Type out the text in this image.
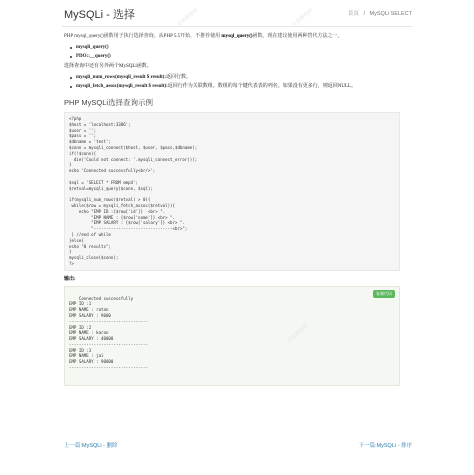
MySQLi - 选择	首页 / MySQLi SELECT
PHP mysql_query()函数用于执行选择查询。从PHP 5.5开始，不推荐使用 mysql_query()函数。现在建议使用两种替代方法之一。
mysqli_query()
PDO::__query()
选择查询中还有另外两个MySQLi函数。
mysqli_num_rows(mysqli_result $ result):返回行数。
mysqli_fetch_assoc(mysqli_result $ result):返回行作为关联数组。数组的每个键代表表的列名。如果没有更多行，则返回NULL。
PHP MySQLi选择查询示例
<?php
$host = 'localhost:3306';
$user = '';
$pass = '';
$dbname = 'test';
$conn = mysqli_connect($host, $user, $pass,$dbname);
if(!$conn){
die('Could not connect: '.mysqli_connect_error());
}
echo 'Connected successfully<br/>';

$sql = 'SELECT * FROM emp4';
$retval=mysqli_query($conn, $sql);

if(mysqli_num_rows($retval) > 0){
while($row = mysqli_fetch_assoc($retval)){
echo "EMP ID :{$row['id']}  <br> ".
"EMP NAME : {$row['name']} <br> ".
"EMP SALARY : {$row['salary']} <br> ".
"--------------------------------<br>";
} //end of while
}else{
echo "0 results";
}
mysqli_close($conn);
?>
输出:

Connected successfully
EMP ID :1
EMP NAME : ratan
EMP SALARY : 9000
--------------------------------
EMP ID :2
EMP NAME : karan
EMP SALARY : 40000
--------------------------------
EMP ID :3
EMP NAME : jai
EMP SALARY : 90000
--------------------------------

复制代码

上一篇:MySQLi - 删除	下一篇:MySQLi - 排序
无忧教程网	无忧教程网
无忧教程网
